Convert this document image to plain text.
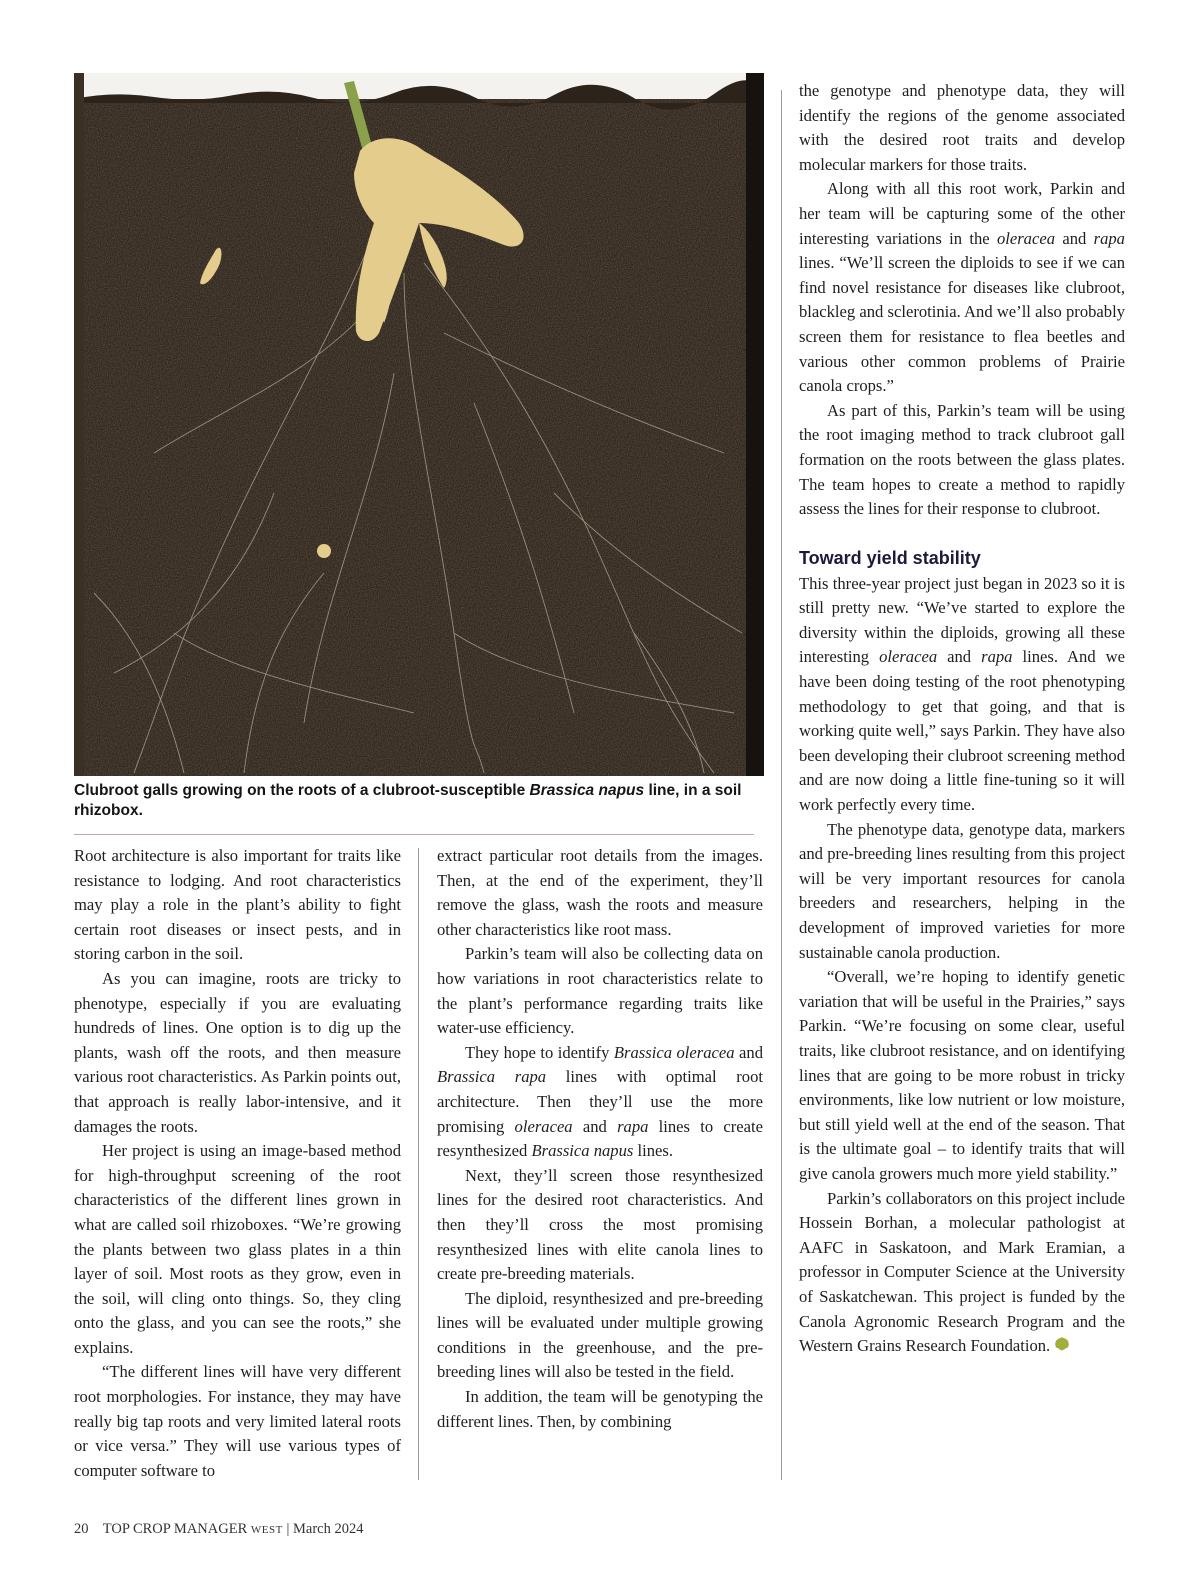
Clubroot galls growing on the roots of a clubroot-susceptible Brassica napus line, in a soil rhizobox.

Root architecture is also important for traits like resistance to lodging. And root characteristics may play a role in the plant’s ability to fight certain root diseases or insect pests, and in storing carbon in the soil.

As you can imagine, roots are tricky to phenotype, especially if you are evaluating hundreds of lines. One option is to dig up the plants, wash off the roots, and then measure various root characteristics. As Parkin points out, that approach is really labor-intensive, and it damages the roots.

Her project is using an image-based method for high-throughput screening of the root characteristics of the different lines grown in what are called soil rhizoboxes. “We’re growing the plants between two glass plates in a thin layer of soil. Most roots as they grow, even in the soil, will cling onto things. So, they cling onto the glass, and you can see the roots,” she explains.

“The different lines will have very different root morphologies. For instance, they may have really big tap roots and very limited lateral roots or vice versa.” They will use various types of computer software to

extract particular root details from the images. Then, at the end of the experiment, they’ll remove the glass, wash the roots and measure other characteristics like root mass.

Parkin’s team will also be collecting data on how variations in root characteristics relate to the plant’s performance regarding traits like water-use efficiency.

They hope to identify Brassica oleracea and Brassica rapa lines with optimal root architecture. Then they’ll use the more promising oleracea and rapa lines to create resynthesized Brassica napus lines.

Next, they’ll screen those resynthesized lines for the desired root characteristics. And then they’ll cross the most promising resynthesized lines with elite canola lines to create pre-breeding materials.

The diploid, resynthesized and pre-breeding lines will be evaluated under multiple growing conditions in the greenhouse, and the pre-breeding lines will also be tested in the field.

In addition, the team will be genotyping the different lines. Then, by combining

the genotype and phenotype data, they will identify the regions of the genome associated with the desired root traits and develop molecular markers for those traits.

Along with all this root work, Parkin and her team will be capturing some of the other interesting variations in the oleracea and rapa lines. “We’ll screen the diploids to see if we can find novel resistance for diseases like clubroot, blackleg and sclerotinia. And we’ll also probably screen them for resistance to flea beetles and various other common problems of Prairie canola crops.”

As part of this, Parkin’s team will be using the root imaging method to track clubroot gall formation on the roots between the glass plates. The team hopes to create a method to rapidly assess the lines for their response to clubroot.

Toward yield stability

This three-year project just began in 2023 so it is still pretty new. “We’ve started to explore the diversity within the diploids, growing all these interesting oleracea and rapa lines. And we have been doing testing of the root phenotyping methodology to get that going, and that is working quite well,” says Parkin. They have also been developing their clubroot screening method and are now doing a little fine-tuning so it will work perfectly every time.

The phenotype data, genotype data, markers and pre-breeding lines resulting from this project will be very important resources for canola breeders and researchers, helping in the development of improved varieties for more sustainable canola production.

“Overall, we’re hoping to identify genetic variation that will be useful in the Prairies,” says Parkin. “We’re focusing on some clear, useful traits, like clubroot resistance, and on identifying lines that are going to be more robust in tricky environments, like low nutrient or low moisture, but still yield well at the end of the season. That is the ultimate goal – to identify traits that will give canola growers much more yield stability.”

Parkin’s collaborators on this project include Hossein Borhan, a molecular pathologist at AAFC in Saskatoon, and Mark Eramian, a professor in Computer Science at the University of Saskatchewan. This project is funded by the Canola Agronomic Research Program and the Western Grains Research Foundation.

20 TOP CROP MANAGER WEST | March 2024
